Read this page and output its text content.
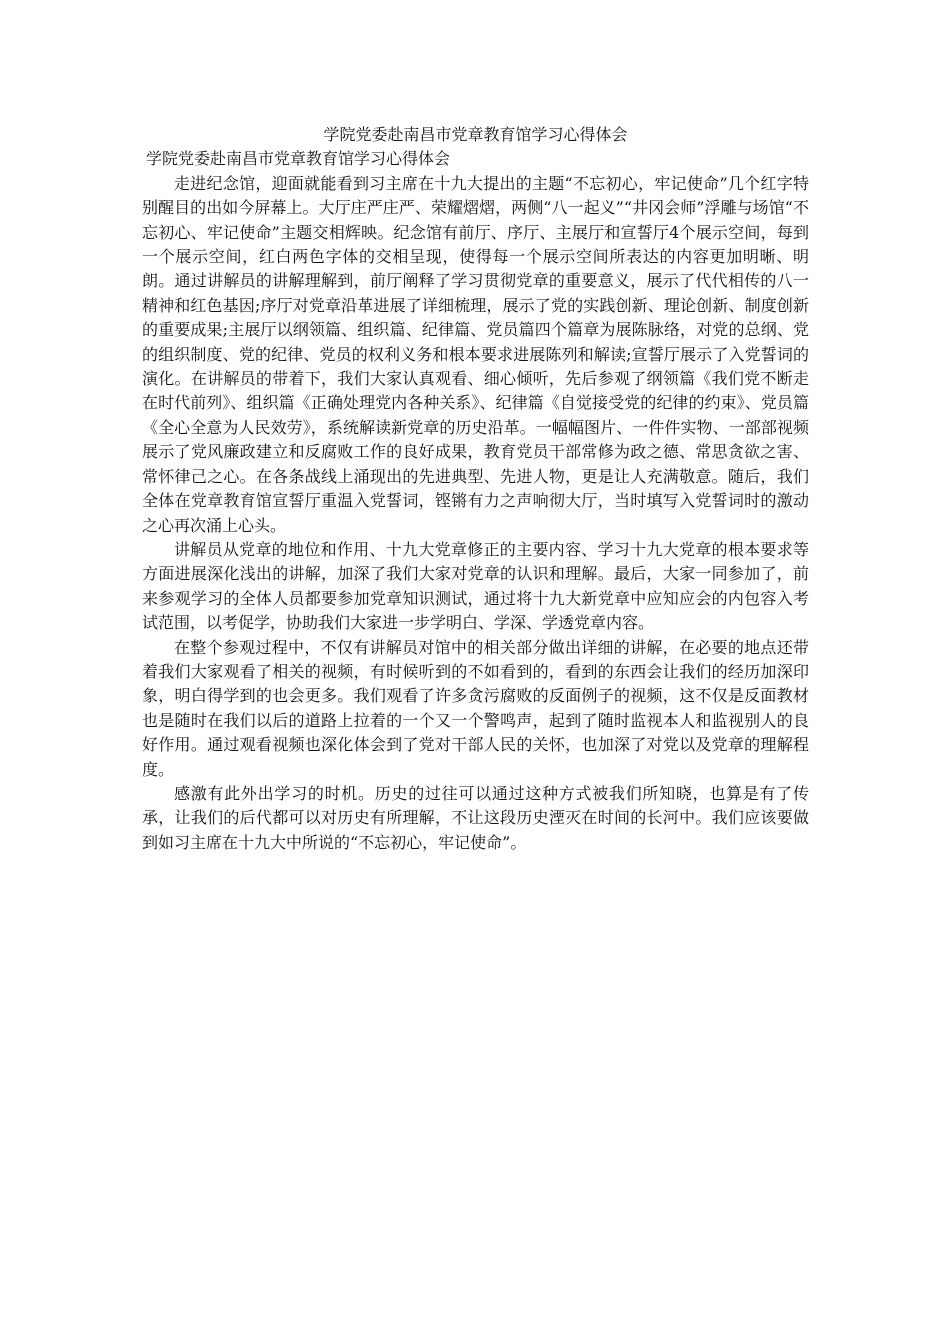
学院党委赴南昌市党章教育馆学习心得体会

学院党委赴南昌市党章教育馆学习心得体会

走进纪念馆，迎面就能看到习主席在十九大提出的主题“不忘初心，牢记使命”几个红字特别醒目的出如今屏幕上。大厅庄严庄严、荣耀熠熠，两侧“八一起义”“井冈会师”浮雕与场馆“不忘初心、牢记使命”主题交相辉映。纪念馆有前厅、序厅、主展厅和宣誓厅4个展示空间，每到一个展示空间，红白两色字体的交相呈现，使得每一个展示空间所表达的内容更加明晰、明朗。通过讲解员的讲解理解到，前厅阐释了学习贯彻党章的重要意义，展示了代代相传的八一精神和红色基因;序厅对党章沿革进展了详细梳理，展示了党的实践创新、理论创新、制度创新的重要成果;主展厅以纲领篇、组织篇、纪律篇、党员篇四个篇章为展陈脉络，对党的总纲、党的组织制度、党的纪律、党员的权利义务和根本要求进展陈列和解读;宣誓厅展示了入党誓词的演化。在讲解员的带着下，我们大家认真观看、细心倾听，先后参观了纲领篇《我们党不断走在时代前列》、组织篇《正确处理党内各种关系》、纪律篇《自觉接受党的纪律的约束》、党员篇《全心全意为人民效劳》，系统解读新党章的历史沿革。一幅幅图片、一件件实物、一部部视频展示了党风廉政建立和反腐败工作的良好成果，教育党员干部常修为政之德、常思贪欲之害、常怀律己之心。在各条战线上涌现出的先进典型、先进人物，更是让人充满敬意。随后，我们全体在党章教育馆宣誓厅重温入党誓词，铿锵有力之声响彻大厅，当时填写入党誓词时的激动之心再次涌上心头。

讲解员从党章的地位和作用、十九大党章修正的主要内容、学习十九大党章的根本要求等方面进展深化浅出的讲解，加深了我们大家对党章的认识和理解。最后，大家一同参加了，前来参观学习的全体人员都要参加党章知识测试，通过将十九大新党章中应知应会的内包容入考试范围，以考促学，协助我们大家进一步学明白、学深、学透党章内容。

在整个参观过程中，不仅有讲解员对馆中的相关部分做出详细的讲解，在必要的地点还带着我们大家观看了相关的视频，有时候听到的不如看到的，看到的东西会让我们的经历加深印象，明白得学到的也会更多。我们观看了许多贪污腐败的反面例子的视频，这不仅是反面教材也是随时在我们以后的道路上拉着的一个又一个警鸣声，起到了随时监视本人和监视别人的良好作用。通过观看视频也深化体会到了党对干部人民的关怀，也加深了对党以及党章的理解程度。

感激有此外出学习的时机。历史的过往可以通过这种方式被我们所知晓，也算是有了传承，让我们的后代都可以对历史有所理解，不让这段历史湮灭在时间的长河中。我们应该要做到如习主席在十九大中所说的“不忘初心，牢记使命”。
